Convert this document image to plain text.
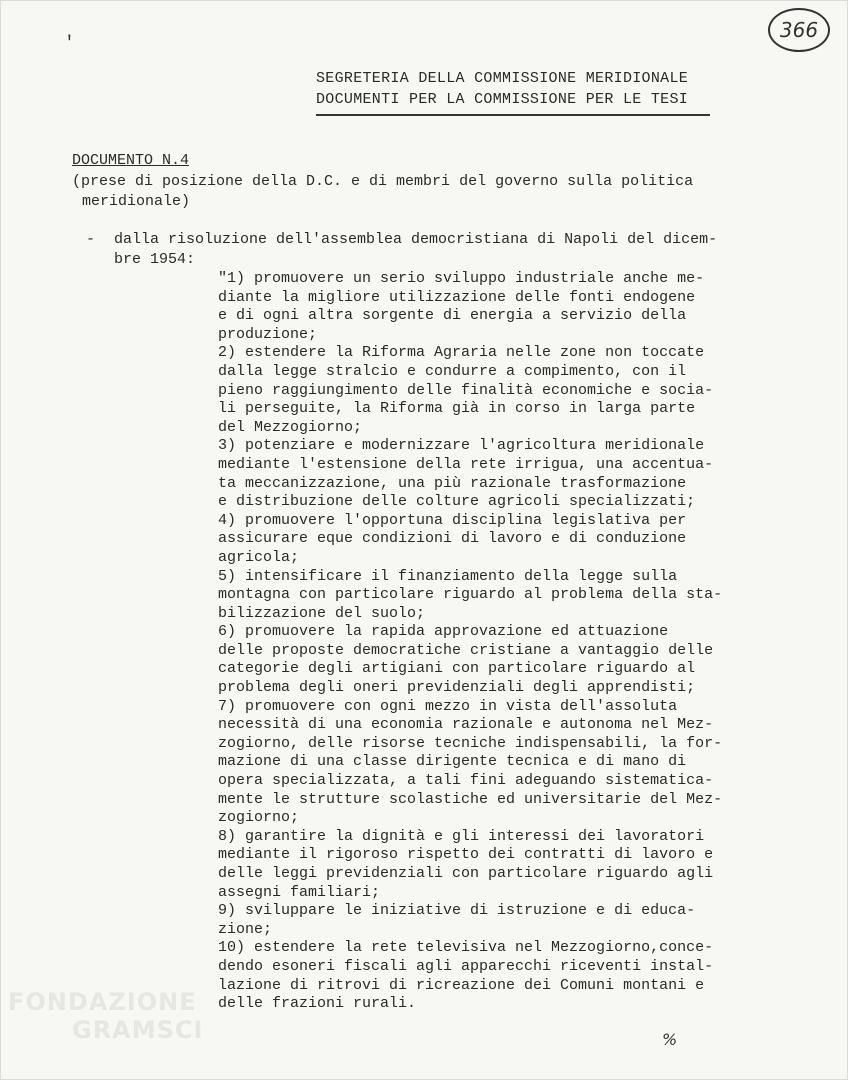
FONDAZIONE
GRAMSCI
366
′
SEGRETERIA DELLA COMMISSIONE MERIDIONALE
DOCUMENTI PER LA COMMISSIONE PER LE TESI
DOCUMENTO N.4
(prese di posizione della D.C. e di membri del governo sulla politica
meridionale)
-	dalla risoluzione dell'assemblea democristiana di Napoli del dicem-
bre 1954:
"1) promuovere un serio sviluppo industriale anche me-
diante la migliore utilizzazione delle fonti endogene
e di ogni altra sorgente di energia a servizio della
produzione;
2) estendere la Riforma Agraria nelle zone non toccate
dalla legge stralcio e condurre a compimento, con il
pieno raggiungimento delle finalità economiche e socia-
li perseguite, la Riforma già in corso in larga parte
del Mezzogiorno;
3) potenziare e modernizzare l'agricoltura meridionale
mediante l'estensione della rete irrigua, una accentua-
ta meccanizzazione, una più razionale trasformazione
e distribuzione delle colture agricoli specializzati;
4) promuovere l'opportuna disciplina legislativa per
assicurare eque condizioni di lavoro e di conduzione
agricola;
5) intensificare il finanziamento della legge sulla
montagna con particolare riguardo al problema della sta-
bilizzazione del suolo;
6) promuovere la rapida approvazione ed attuazione
delle proposte democratiche cristiane a vantaggio delle
categorie degli artigiani con particolare riguardo al
problema degli oneri previdenziali degli apprendisti;
7) promuovere con ogni mezzo in vista dell'assoluta
necessità di una economia razionale e autonoma nel Mez-
zogiorno, delle risorse tecniche indispensabili, la for-
mazione di una classe dirigente tecnica e di mano di
opera specializzata, a tali fini adeguando sistematica-
mente le strutture scolastiche ed universitarie del Mez-
zogiorno;
8) garantire la dignità e gli interessi dei lavoratori
mediante il rigoroso rispetto dei contratti di lavoro e
delle leggi previdenziali con particolare riguardo agli
assegni familiari;
9) sviluppare le iniziative di istruzione e di educa-
zione;
10) estendere la rete televisiva nel Mezzogiorno,conce-
dendo esoneri fiscali agli apparecchi riceventi instal-
lazione di ritrovi di ricreazione dei Comuni montani e
delle frazioni rurali.
%
